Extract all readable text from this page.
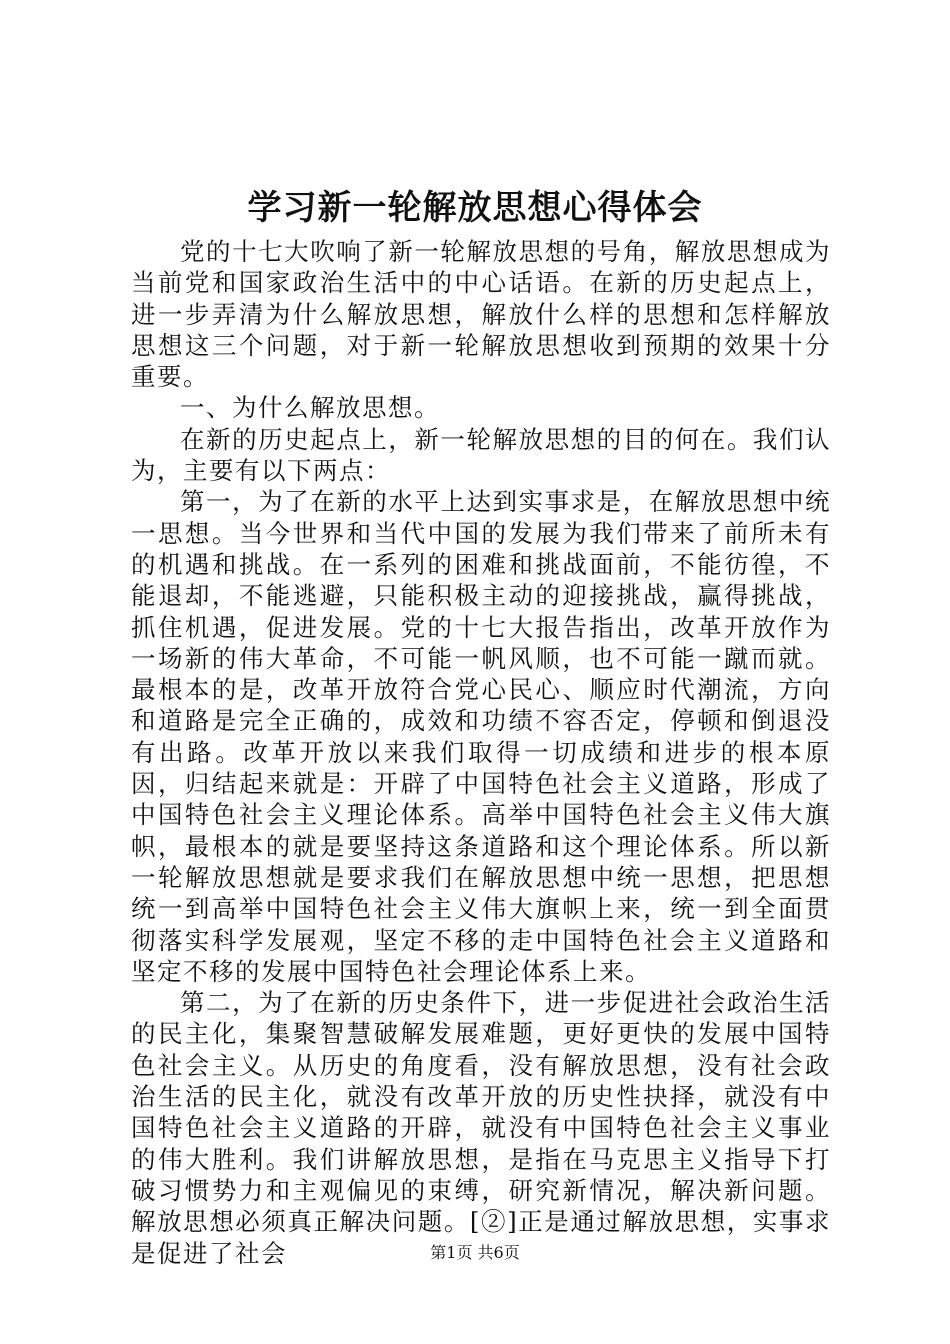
学习新一轮解放思想心得体会

党的十七大吹响了新一轮解放思想的号角，解放思想成为当前党和国家政治生活中的中心话语。在新的历史起点上，进一步弄清为什么解放思想，解放什么样的思想和怎样解放思想这三个问题，对于新一轮解放思想收到预期的效果十分重要。

一、为什么解放思想。

在新的历史起点上，新一轮解放思想的目的何在。我们认为，主要有以下两点：

第一，为了在新的水平上达到实事求是，在解放思想中统一思想。当今世界和当代中国的发展为我们带来了前所未有的机遇和挑战。在一系列的困难和挑战面前，不能彷徨，不能退却，不能逃避，只能积极主动的迎接挑战，赢得挑战，抓住机遇，促进发展。党的十七大报告指出，改革开放作为一场新的伟大革命，不可能一帆风顺，也不可能一蹴而就。最根本的是，改革开放符合党心民心、顺应时代潮流，方向和道路是完全正确的，成效和功绩不容否定，停顿和倒退没有出路。改革开放以来我们取得一切成绩和进步的根本原因，归结起来就是：开辟了中国特色社会主义道路，形成了中国特色社会主义理论体系。高举中国特色社会主义伟大旗帜，最根本的就是要坚持这条道路和这个理论体系。所以新一轮解放思想就是要求我们在解放思想中统一思想，把思想统一到高举中国特色社会主义伟大旗帜上来，统一到全面贯彻落实科学发展观，坚定不移的走中国特色社会主义道路和坚定不移的发展中国特色社会理论体系上来。

第二，为了在新的历史条件下，进一步促进社会政治生活的民主化，集聚智慧破解发展难题，更好更快的发展中国特色社会主义。从历史的角度看，没有解放思想，没有社会政治生活的民主化，就没有改革开放的历史性抉择，就没有中国特色社会主义道路的开辟，就没有中国特色社会主义事业的伟大胜利。我们讲解放思想，是指在马克思主义指导下打破习惯势力和主观偏见的束缚，研究新情况，解决新问题。解放思想必须真正解决问题。[②]正是通过解放思想，实事求是促进了社会	第1页 共6页
